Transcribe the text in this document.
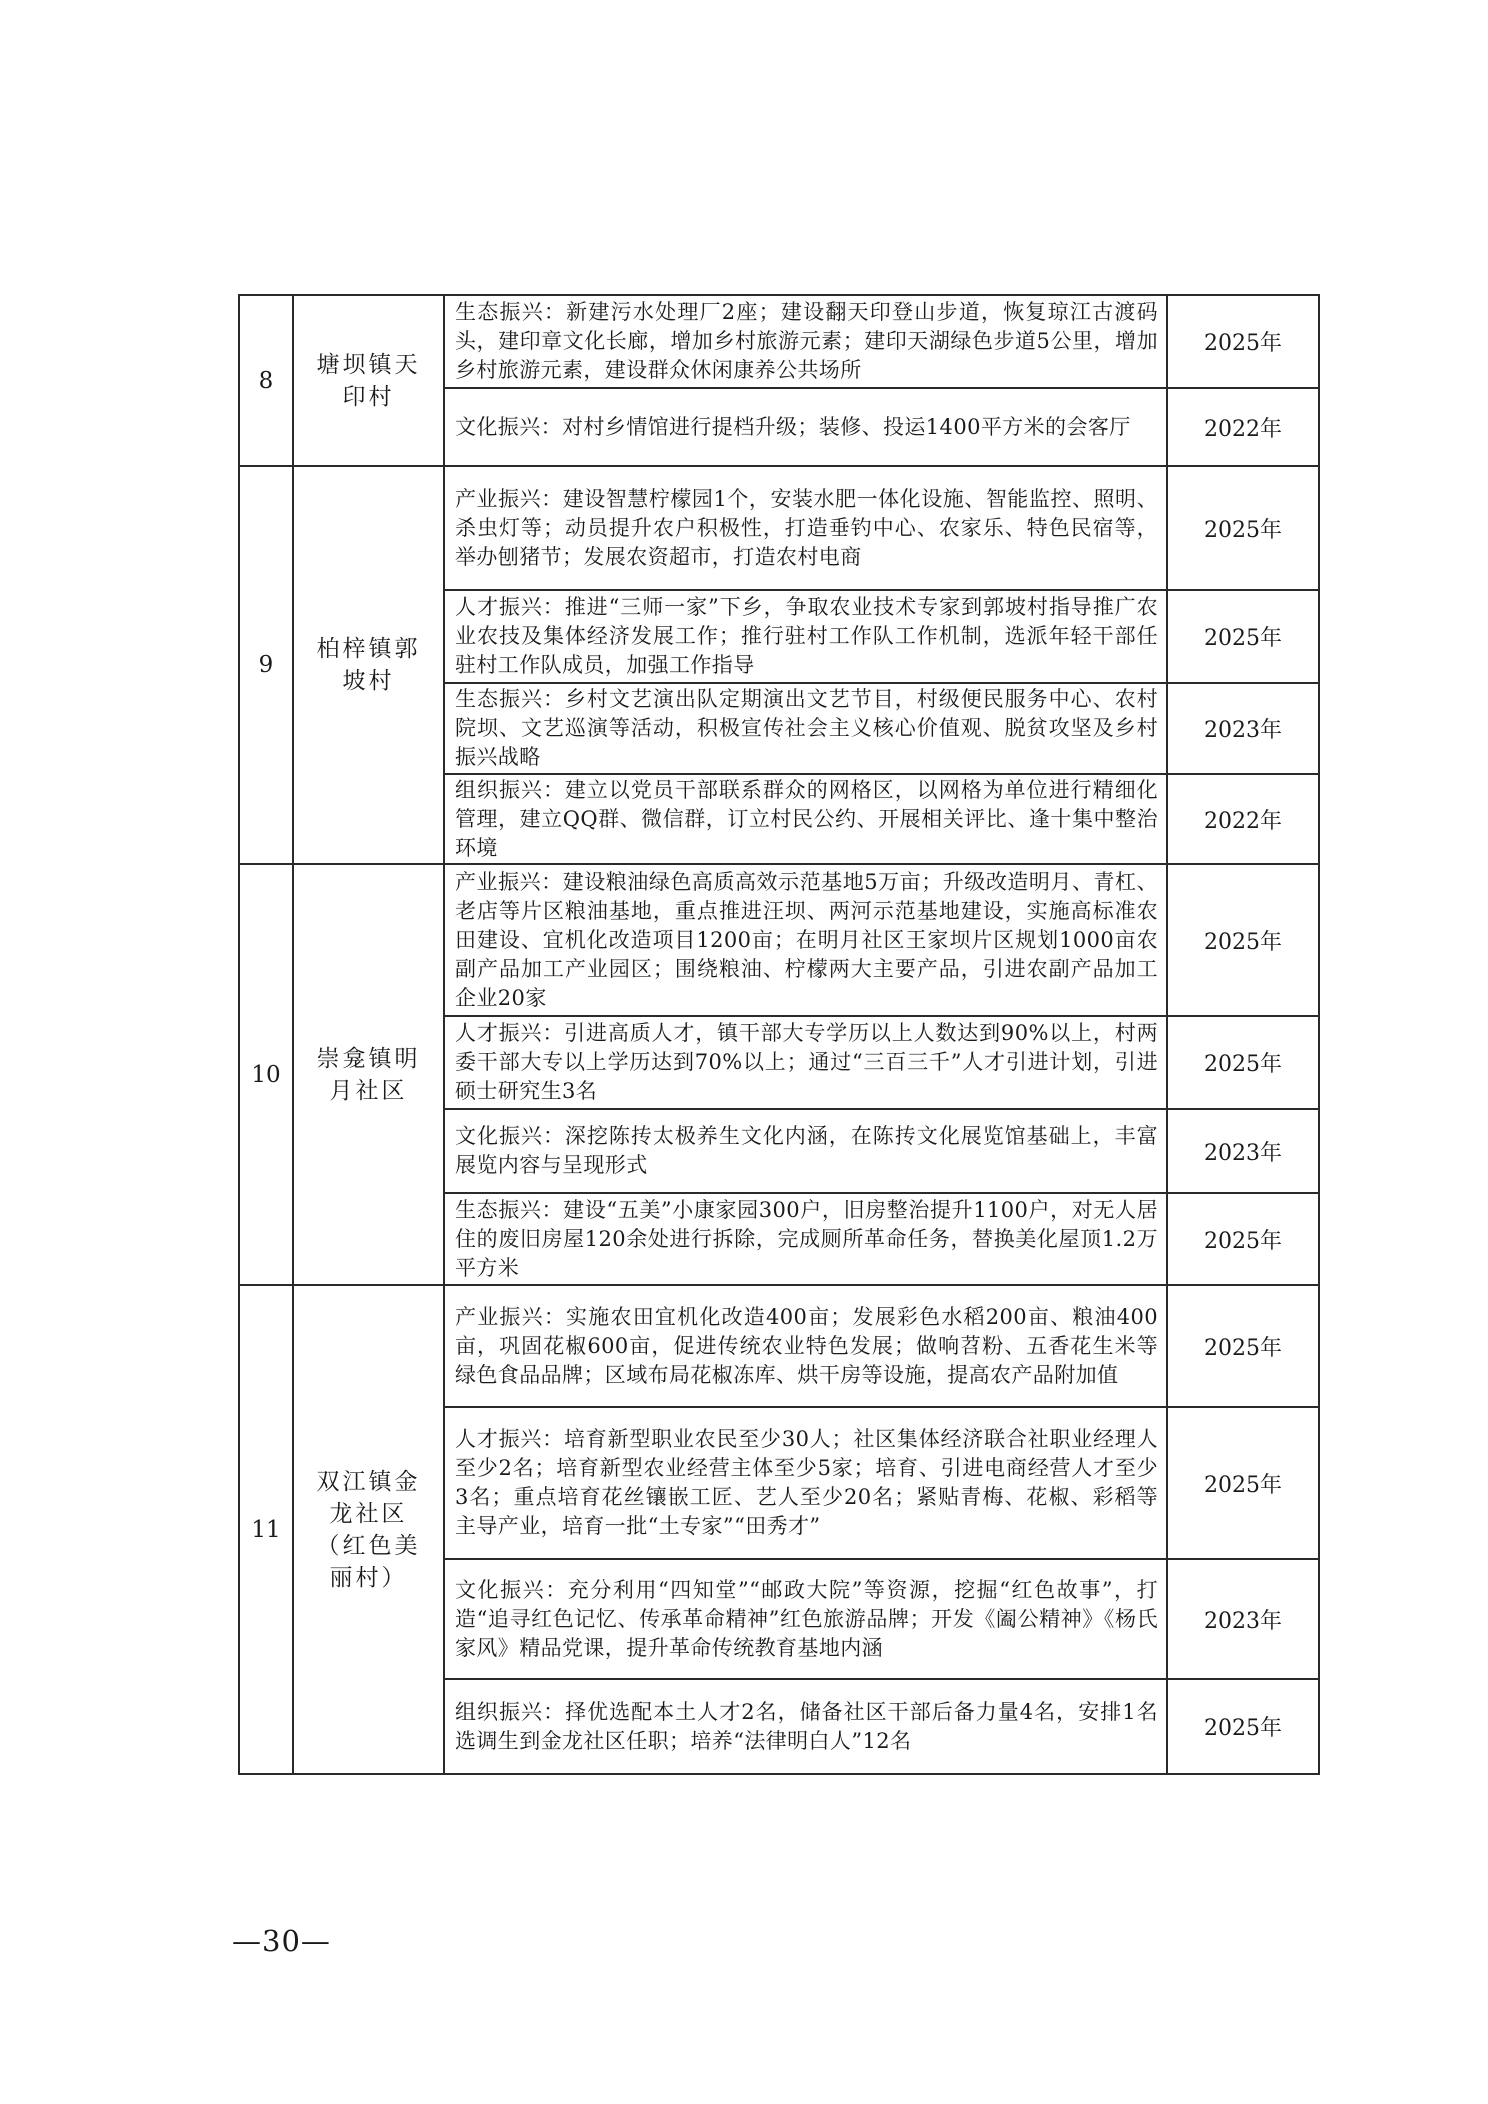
8	塘坝镇天印村	生态振兴：新建污水处理厂2座；建设翻天印登山步道，恢复琼江古渡码头，建印章文化长廊，增加乡村旅游元素；建印天湖绿色步道5公里，增加乡村旅游元素，建设群众休闲康养公共场所	2025年
		文化振兴：对村乡情馆进行提档升级；装修、投运1400平方米的会客厅	2022年
9	柏梓镇郭坡村	产业振兴：建设智慧柠檬园1个，安装水肥一体化设施、智能监控、照明、杀虫灯等；动员提升农户积极性，打造垂钓中心、农家乐、特色民宿等，举办刨猪节；发展农资超市，打造农村电商	2025年
		人才振兴：推进“三师一家”下乡，争取农业技术专家到郭坡村指导推广农业农技及集体经济发展工作；推行驻村工作队工作机制，选派年轻干部任驻村工作队成员，加强工作指导	2025年
		生态振兴：乡村文艺演出队定期演出文艺节目，村级便民服务中心、农村院坝、文艺巡演等活动，积极宣传社会主义核心价值观、脱贫攻坚及乡村振兴战略	2023年
		组织振兴：建立以党员干部联系群众的网格区，以网格为单位进行精细化管理，建立QQ群、微信群，订立村民公约、开展相关评比、逢十集中整治环境	2022年
10	崇龛镇明月社区	产业振兴：建设粮油绿色高质高效示范基地5万亩；升级改造明月、青杠、老店等片区粮油基地，重点推进汪坝、两河示范基地建设，实施高标准农田建设、宜机化改造项目1200亩；在明月社区王家坝片区规划1000亩农副产品加工产业园区；围绕粮油、柠檬两大主要产品，引进农副产品加工企业20家	2025年
		人才振兴：引进高质人才，镇干部大专学历以上人数达到90%以上，村两委干部大专以上学历达到70%以上；通过“三百三千”人才引进计划，引进硕士研究生3名	2025年
		文化振兴：深挖陈抟太极养生文化内涵，在陈抟文化展览馆基础上，丰富展览内容与呈现形式	2023年
		生态振兴：建设“五美”小康家园300户，旧房整治提升1100户，对无人居住的废旧房屋120余处进行拆除，完成厕所革命任务，替换美化屋顶1.2万平方米	2025年
11	双江镇金龙社区（红色美丽村）	产业振兴：实施农田宜机化改造400亩；发展彩色水稻200亩、粮油400亩，巩固花椒600亩，促进传统农业特色发展；做响苕粉、五香花生米等绿色食品品牌；区域布局花椒冻库、烘干房等设施，提高农产品附加值	2025年
		人才振兴：培育新型职业农民至少30人；社区集体经济联合社职业经理人至少2名；培育新型农业经营主体至少5家；培育、引进电商经营人才至少3名；重点培育花丝镶嵌工匠、艺人至少20名；紧贴青梅、花椒、彩稻等主导产业，培育一批“土专家”“田秀才”	2025年
		文化振兴：充分利用“四知堂”“邮政大院”等资源，挖掘“红色故事”，打造“追寻红色记忆、传承革命精神”红色旅游品牌；开发《阖公精神》《杨氏家风》精品党课，提升革命传统教育基地内涵	2023年
		组织振兴：择优选配本土人才2名，储备社区干部后备力量4名，安排1名选调生到金龙社区任职；培养“法律明白人”12名	2025年
—30—
